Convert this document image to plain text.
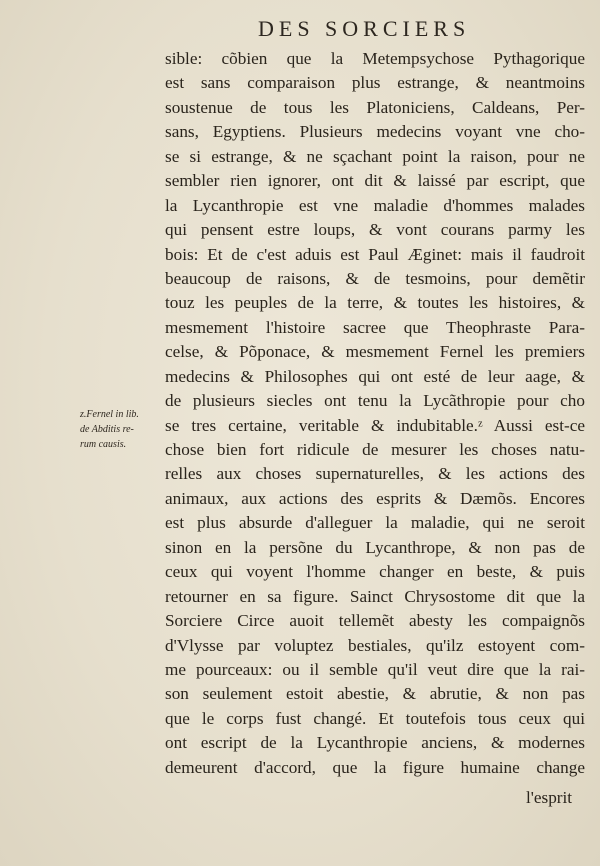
DES SORCIERS
z.Fernel in lib.
de Abditis re-
rum causis.
sible: cõbien que la Metempsychose Pythagorique
est sans comparaison plus estrange, & neantmoins
soustenue de tous les Platoniciens, Caldeans, Per-
sans, Egyptiens. Plusieurs medecins voyant vne cho-
se si estrange, & ne sçachant point la raison, pour ne
sembler rien ignorer, ont dit & laissé par escript, que
la Lycanthropie est vne maladie d'hommes malades
qui pensent estre loups, & vont courans parmy les
bois: Et de c'est aduis est Paul Æginet: mais il faudroit
beaucoup de raisons, & de tesmoins, pour demẽtir
touz les peuples de la terre, & toutes les histoires, &
mesmement l'histoire sacree que Theophraste Para-
celse, & Põponace, & mesmement Fernel les premiers
medecins & Philosophes qui ont esté de leur aage, &
de plusieurs siecles ont tenu la Lycãthropie pour cho
se tres certaine, veritable & indubitable.ᶻ Aussi est-ce
chose bien fort ridicule de mesurer les choses natu-
relles aux choses supernaturelles, & les actions des
animaux, aux actions des esprits & Dæmõs. Encores
est plus absurde d'alleguer la maladie, qui ne seroit
sinon en la persõne du Lycanthrope, & non pas de
ceux qui voyent l'homme changer en beste, & puis
retourner en sa figure. Sainct Chrysostome dit que la
Sorciere Circe auoit tellemẽt abesty les compaignõs
d'Vlysse par voluptez bestiales, qu'ilz estoyent com-
me pourceaux: ou il semble qu'il veut dire que la rai-
son seulement estoit abestie, & abrutie, & non pas
que le corps fust changé. Et toutefois tous ceux qui
ont escript de la Lycanthropie anciens, & modernes
demeurent d'accord, que la figure humaine change
l'esprit
